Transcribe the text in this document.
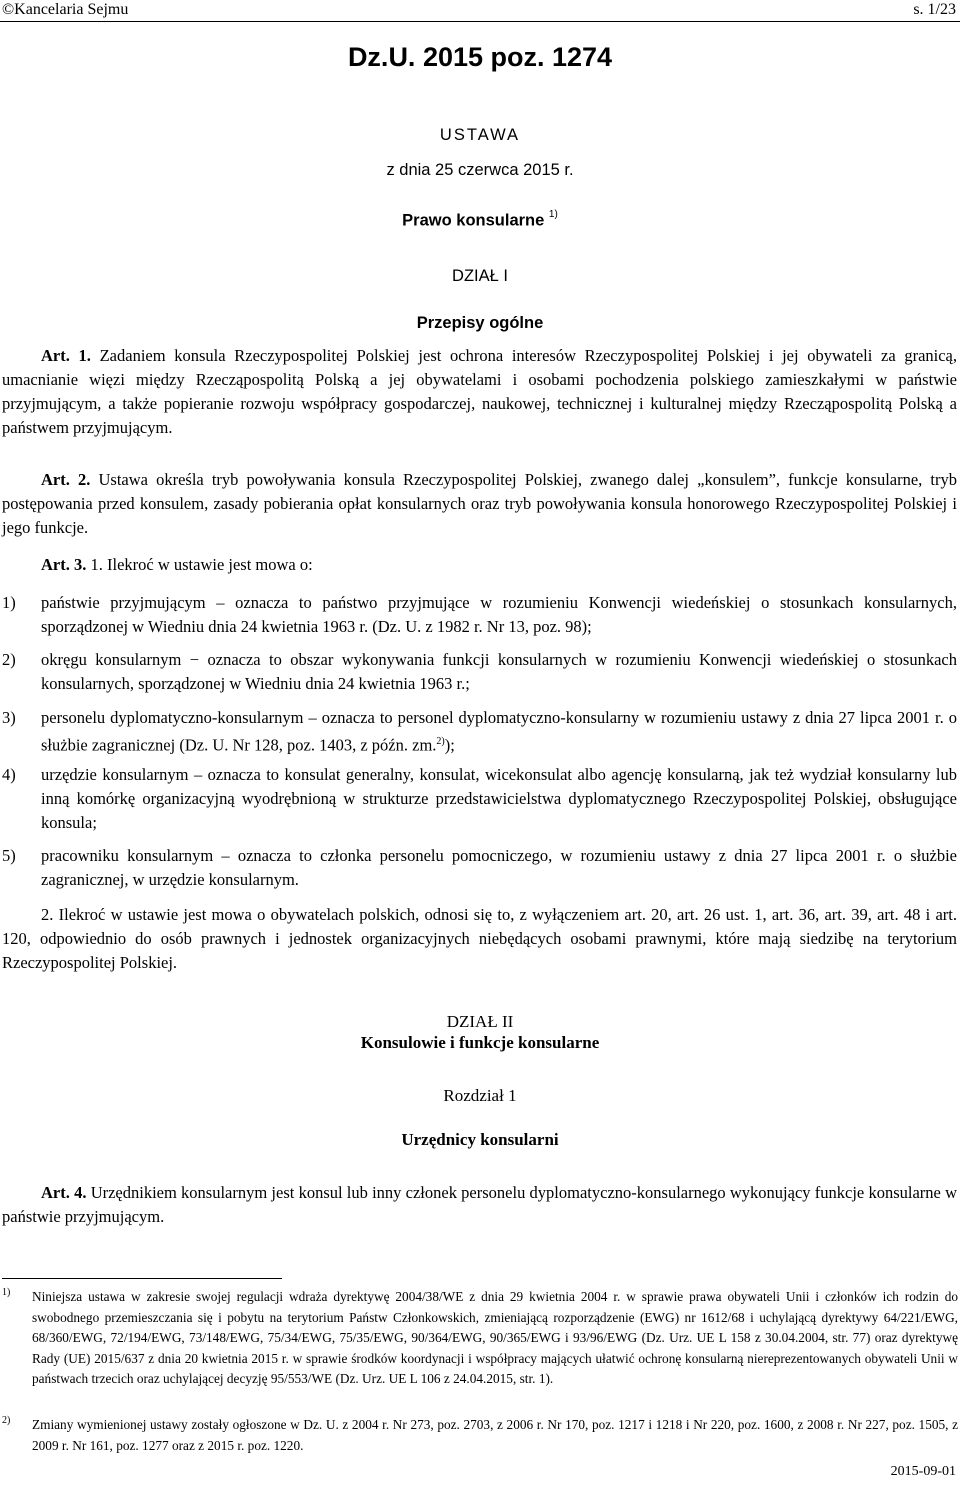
©Kancelaria Sejmu	s. 1/23
Dz.U. 2015 poz. 1274
USTAWA
z dnia 25 czerwca 2015 r.
Prawo konsularne $^{1)}$
DZIAŁ I
Przepisy ogólne
Art. 1. Zadaniem konsula Rzeczypospolitej Polskiej jest ochrona interesów Rzeczypospolitej Polskiej i jej obywateli za granicą, umacnianie więzi między Rzecząpospolitą Polską a jej obywatelami i osobami pochodzenia polskiego zamieszkałymi w państwie przyjmującym, a także popieranie rozwoju współpracy gospodarczej, naukowej, technicznej i kulturalnej między Rzecząpospolitą Polską a państwem przyjmującym.
Art. 2. Ustawa określa tryb powoływania konsula Rzeczypospolitej Polskiej, zwanego dalej „konsulem”, funkcje konsularne, tryb postępowania przed konsulem, zasady pobierania opłat konsularnych oraz tryb powoływania konsula honorowego Rzeczypospolitej Polskiej i jego funkcje.
Art. 3. 1. Ilekroć w ustawie jest mowa o:
1)	państwie przyjmującym – oznacza to państwo przyjmujące w rozumieniu Konwencji wiedeńskiej o stosunkach konsularnych, sporządzonej w Wiedniu dnia 24 kwietnia 1963 r. (Dz. U. z 1982 r. Nr 13, poz. 98);
2)	okręgu konsularnym − oznacza to obszar wykonywania funkcji konsularnych w rozumieniu Konwencji wiedeńskiej o stosunkach konsularnych, sporządzonej w Wiedniu dnia 24 kwietnia 1963 r.;
3)	personelu dyplomatyczno-konsularnym – oznacza to personel dyplomatyczno-konsularny w rozumieniu ustawy z dnia 27 lipca 2001 r. o służbie zagranicznej (Dz. U. Nr 128, poz. 1403, z późn. zm.$^{2)}$);
4)	urzędzie konsularnym – oznacza to konsulat generalny, konsulat, wicekonsulat albo agencję konsularną, jak też wydział konsularny lub inną komórkę organizacyjną wyodrębnioną w strukturze przedstawicielstwa dyplomatycznego Rzeczypospolitej Polskiej, obsługujące konsula;
5)	pracowniku konsularnym – oznacza to członka personelu pomocniczego, w rozumieniu ustawy z dnia 27 lipca 2001 r. o służbie zagranicznej, w urzędzie konsularnym.
2. Ilekroć w ustawie jest mowa o obywatelach polskich, odnosi się to, z wyłączeniem art. 20, art. 26 ust. 1, art. 36, art. 39, art. 48 i art. 120, odpowiednio do osób prawnych i jednostek organizacyjnych niebędących osobami prawnymi, które mają siedzibę na terytorium Rzeczypospolitej Polskiej.
DZIAŁ II
Konsulowie i funkcje konsularne
Rozdział 1
Urzędnicy konsularni
Art. 4. Urzędnikiem konsularnym jest konsul lub inny członek personelu dyplomatyczno-konsularnego wykonujący funkcje konsularne w państwie przyjmującym.
1) Niniejsza ustawa w zakresie swojej regulacji wdraża dyrektywę 2004/38/WE z dnia 29 kwietnia 2004 r. w sprawie prawa obywateli Unii i członków ich rodzin do swobodnego przemieszczania się i pobytu na terytorium Państw Członkowskich, zmieniającą rozporządzenie (EWG) nr 1612/68 i uchylającą dyrektywy 64/221/EWG, 68/360/EWG, 72/194/EWG, 73/148/EWG, 75/34/EWG, 75/35/EWG, 90/364/EWG, 90/365/EWG i 93/96/EWG (Dz. Urz. UE L 158 z 30.04.2004, str. 77) oraz dyrektywę Rady (UE) 2015/637 z dnia 20 kwietnia 2015 r. w sprawie środków koordynacji i współpracy mających ułatwić ochronę konsularną niereprezentowanych obywateli Unii w państwach trzecich oraz uchylającej decyzję 95/553/WE (Dz. Urz. UE L 106 z 24.04.2015, str. 1).
2) Zmiany wymienionej ustawy zostały ogłoszone w Dz. U. z 2004 r. Nr 273, poz. 2703, z 2006 r. Nr 170, poz. 1217 i 1218 i Nr 220, poz. 1600, z 2008 r. Nr 227, poz. 1505, z 2009 r. Nr 161, poz. 1277 oraz z 2015 r. poz. 1220.
2015-09-01
